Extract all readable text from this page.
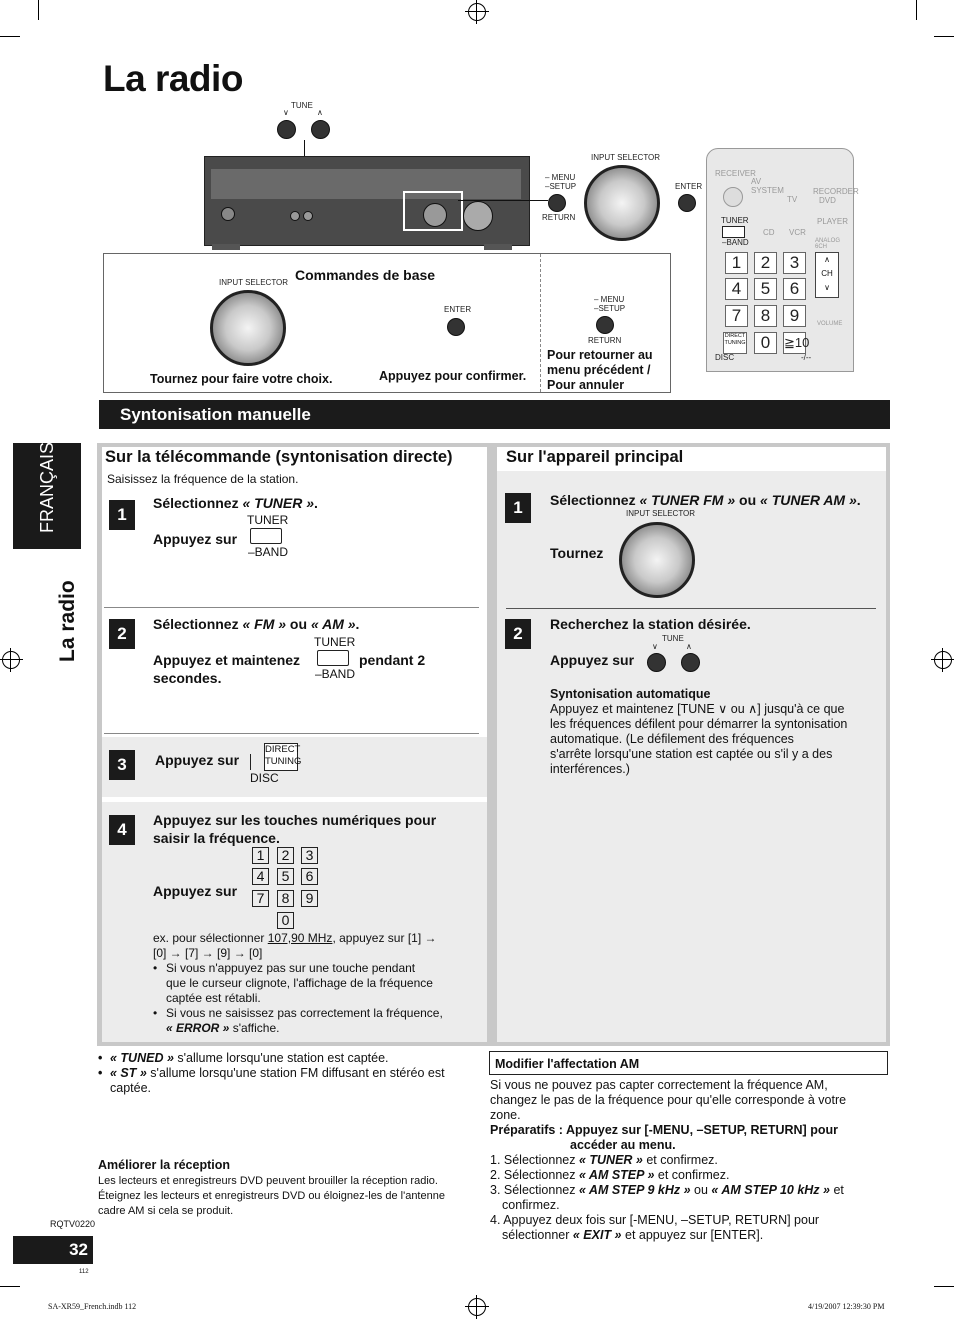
La radio
FRANÇAIS
La radio
TUNE
∨	∧
– MENU
–SETUP
RETURN
INPUT SELECTOR
ENTER
Commandes de base
INPUT SELECTOR
Tournez pour faire votre choix.
ENTER
Appuyez pour confirmer.
– MENU
–SETUP
RETURN
Pour retourner au menu précédent / Pour annuler
RECEIVER
AV SYSTEM
TV
RECORDER
DVD
TUNER
–BAND
CD VCR
PLAYER
ANALOG 6CH
1	2	3
4	5	6
7	8	9
0	≧10
DIRECT
TUNING
DISC	-/--
∧
CH
∨
VOLUME
Syntonisation manuelle
Sur la télécommande (syntonisation directe)
Saisissez la fréquence de la station.
1
Sélectionnez « TUNER ».
Appuyez sur
TUNER
–BAND
2	Sélectionnez « FM » ou « AM ».
Appuyez et maintenez
secondes.
TUNER
–BAND
pendant 2
3	Appuyez sur
DIRECT
TUNING
DISC
4	Appuyez sur les touches numériques pour
saisir la fréquence.
Appuyez sur
1	2	3
4	5	6
7	8	9
0
ex. pour sélectionner 107,90 MHz, appuyez sur [1] →
[0] → [7] → [9] → [0]
• Si vous n'appuyez pas sur une touche pendant
que le curseur clignote, l'affichage de la fréquence
captée est rétabli.
• Si vous ne saisissez pas correctement la fréquence,
« ERROR » s'affiche.
Sur l'appareil principal
1	Sélectionnez « TUNER FM » ou « TUNER AM ».
INPUT SELECTOR
Tournez
2	Recherchez la station désirée.
TUNE
∨	∧
Appuyez sur
Syntonisation automatique
Appuyez et maintenez [TUNE ∨ ou ∧] jusqu'à ce que
les fréquences défilent pour démarrer la syntonisation
automatique. (Le défilement des fréquences
s'arrête lorsqu'une station est captée ou s'il y a des
interférences.)
• « TUNED » s'allume lorsqu'une station est captée.
• « ST » s'allume lorsqu'une station FM diffusant en stéréo est
captée.
Améliorer la réception
Les lecteurs et enregistreurs DVD peuvent brouiller la réception radio.
Éteignez les lecteurs et enregistreurs DVD ou éloignez-les de l'antenne
cadre AM si cela se produit.
Modifier l'affectation AM
Si vous ne pouvez pas capter correctement la fréquence AM,
changez le pas de la fréquence pour qu'elle corresponde à votre
zone.
Préparatifs : Appuyez sur [-MENU, –SETUP, RETURN] pour
accéder au menu.
1. Sélectionnez « TUNER » et confirmez.
2. Sélectionnez « AM STEP » et confirmez.
3. Sélectionnez « AM STEP 9 kHz » ou « AM STEP 10 kHz » et
confirmez.
4. Appuyez deux fois sur [-MENU, –SETUP, RETURN] pour
sélectionner « EXIT » et appuyez sur [ENTER].
RQTV0220
32
112
SA-XR59_French.indb 112	4/19/2007 12:39:30 PM
